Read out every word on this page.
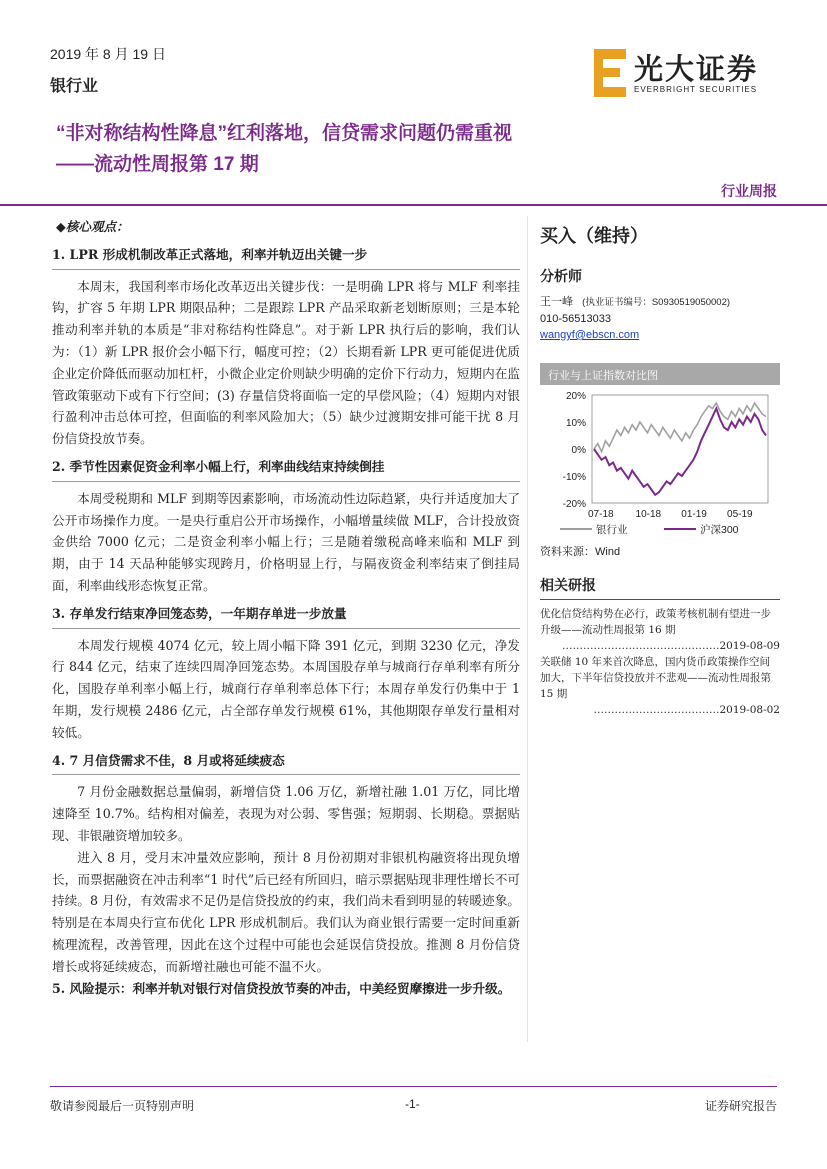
2019 年 8 月 19 日
银行业
“非对称结构性降息”红利落地，信贷需求问题仍需重视
——流动性周报第 17 期
光大证券
EVERBRIGHT SECURITIES
行业周报
◆核心观点：
1. LPR 形成机制改革正式落地，利率并轨迈出关键一步

本周末，我国利率市场化改革迈出关键步伐：一是明确 LPR 将与 MLF 利率挂钩，扩容 5 年期 LPR 期限品种；二是跟踪 LPR 产品采取新老划断原则；三是本轮推动利率并轨的本质是“非对称结构性降息”。对于新 LPR 执行后的影响，我们认为：（1）新 LPR 报价会小幅下行，幅度可控；（2）长期看新 LPR 更可能促进优质企业定价降低而驱动加杠杆，小微企业定价则缺少明确的定价下行动力，短期内在监管政策驱动下或有下行空间；(3) 存量信贷将面临一定的早偿风险；（4）短期内对银行盈利冲击总体可控，但面临的利率风险加大；（5）缺少过渡期安排可能干扰 8 月份信贷投放节奏。

2. 季节性因素促资金利率小幅上行，利率曲线结束持续倒挂

本周受税期和 MLF 到期等因素影响，市场流动性边际趋紧，央行并适度加大了公开市场操作力度。一是央行重启公开市场操作，小幅增量续做 MLF，合计投放资金供给 7000 亿元；二是资金利率小幅上行；三是随着缴税高峰来临和 MLF 到期，由于 14 天品种能够实现跨月，价格明显上行，与隔夜资金利率结束了倒挂局面，利率曲线形态恢复正常。

3. 存单发行结束净回笼态势，一年期存单进一步放量

本周发行规模 4074 亿元，较上周小幅下降 391 亿元，到期 3230 亿元，净发行 844 亿元，结束了连续四周净回笼态势。本周国股存单与城商行存单利率有所分化，国股存单利率小幅上行，城商行存单利率总体下行；本周存单发行仍集中于 1 年期，发行规模 2486 亿元，占全部存单发行规模 61%，其他期限存单发行量相对较低。

4. 7 月信贷需求不佳，8 月或将延续疲态

7 月份金融数据总量偏弱，新增信贷 1.06 万亿，新增社融 1.01 万亿，同比增速降至 10.7%。结构相对偏差，表现为对公弱、零售强；短期弱、长期稳。票据贴现、非银融资增加较多。

进入 8 月，受月末冲量效应影响，预计 8 月份初期对非银机构融资将出现负增长，而票据融资在冲击利率“1 时代”后已经有所回归，暗示票据贴现非理性增长不可持续。8 月份，有效需求不足仍是信贷投放的约束，我们尚未看到明显的转暖迹象。特别是在本周央行宣布优化 LPR 形成机制后。我们认为商业银行需要一定时间重新梳理流程，改善管理，因此在这个过程中可能也会延误信贷投放。推测 8 月份信贷增长或将延续疲态，而新增社融也可能不温不火。

5. 风险提示：利率并轨对银行对信贷投放节奏的冲击，中美经贸摩擦进一步升级。
买入（维持）
分析师
王一峰 (执业证书编号：S0930519050002)
010-56513033
wangyf@ebscn.com
行业与上证指数对比图
20%
10%
0%
-10%
-20%
07-18 10-18 01-19 05-19
银行业	沪深300
资料来源：Wind
相关研报
优化信贷结构势在必行，政策考核机制有望进一步升级——流动性周报第 16 期
………………………………………2019-08-09
关联储 10 年来首次降息，国内货币政策操作空间加大，下半年信贷投放并不悲观——流动性周报第 15 期
………………………………2019-08-02
敬请参阅最后一页特别声明	-1-	证券研究报告
